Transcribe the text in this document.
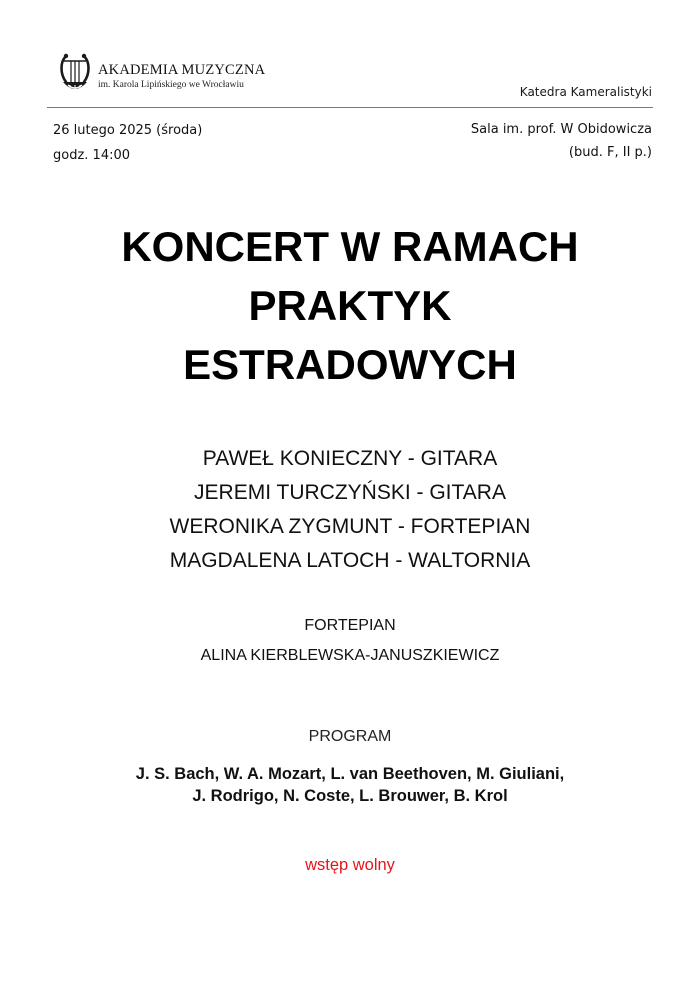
AKADEMIA MUZYCZNA
im. Karola Lipińskiego we Wrocławiu
Katedra Kameralistyki
26 lutego 2025 (środa)
godz. 14:00
Sala im. prof. W Obidowicza
(bud. F, II p.)
KONCERT W RAMACH
PRAKTYK
ESTRADOWYCH
PAWEŁ KONIECZNY - GITARA
JEREMI TURCZYŃSKI - GITARA
WERONIKA ZYGMUNT - FORTEPIAN
MAGDALENA LATOCH - WALTORNIA
FORTEPIAN
ALINA KIERBLEWSKA-JANUSZKIEWICZ
PROGRAM
J. S. Bach, W. A. Mozart, L. van Beethoven, M. Giuliani,
J. Rodrigo, N. Coste, L. Brouwer, B. Krol
wstęp wolny
